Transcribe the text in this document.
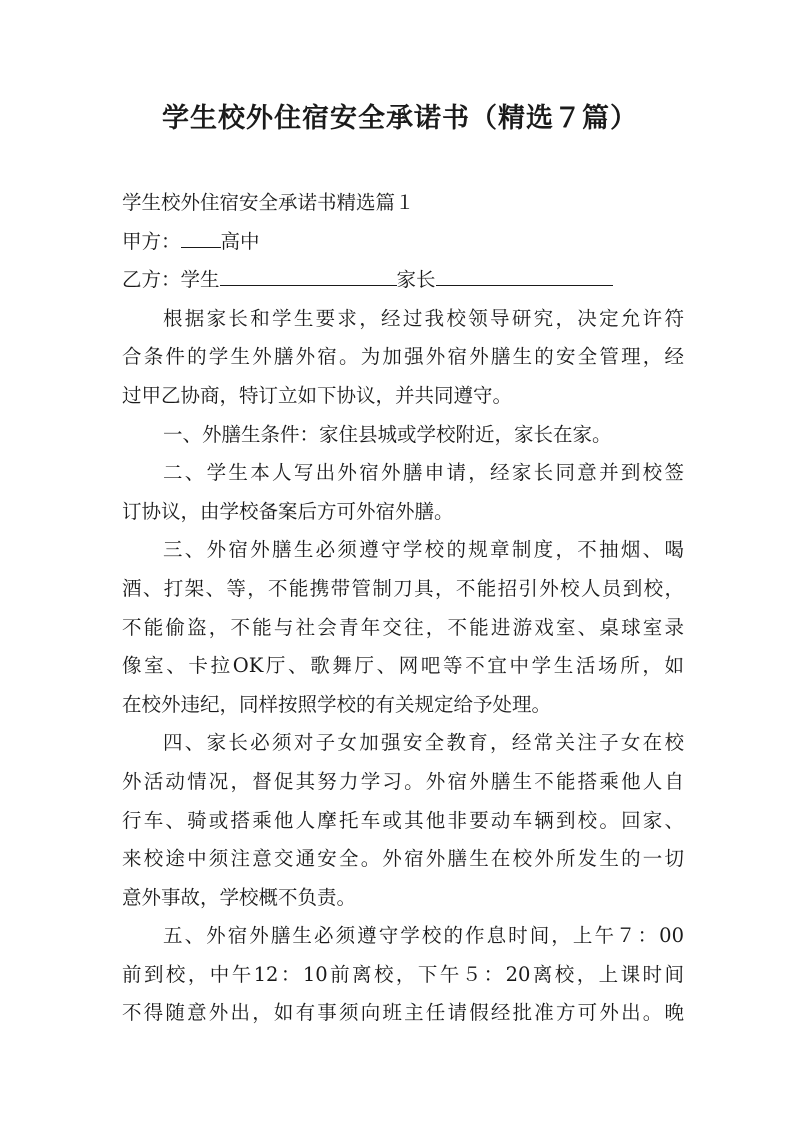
学生校外住宿安全承诺书（精选７篇）
学生校外住宿安全承诺书精选篇１
甲方： 高中
乙方：学生	家长
根据家长和学生要求，经过我校领导研究，决定允许符
合条件的学生外膳外宿。为加强外宿外膳生的安全管理，经
过甲乙协商，特订立如下协议，并共同遵守。
一、外膳生条件：家住县城或学校附近，家长在家。
二、学生本人写出外宿外膳申请，经家长同意并到校签
订协议，由学校备案后方可外宿外膳。
三、外宿外膳生必须遵守学校的规章制度，不抽烟、喝
酒、打架、等，不能携带管制刀具，不能招引外校人员到校，
不能偷盗，不能与社会青年交往，不能进游戏室、桌球室录
像室、卡拉OK厅、歌舞厅、网吧等不宜中学生活场所，如
在校外违纪，同样按照学校的有关规定给予处理。
四、家长必须对子女加强安全教育，经常关注子女在校
外活动情况，督促其努力学习。外宿外膳生不能搭乘他人自
行车、骑或搭乘他人摩托车或其他非要动车辆到校。回家、
来校途中须注意交通安全。外宿外膳生在校外所发生的一切
意外事故，学校概不负责。
五、外宿外膳生必须遵守学校的作息时间，上午７：00
前到校，中午12：10前离校，下午５：20离校，上课时间
不得随意外出，如有事须向班主任请假经批准方可外出。晚
